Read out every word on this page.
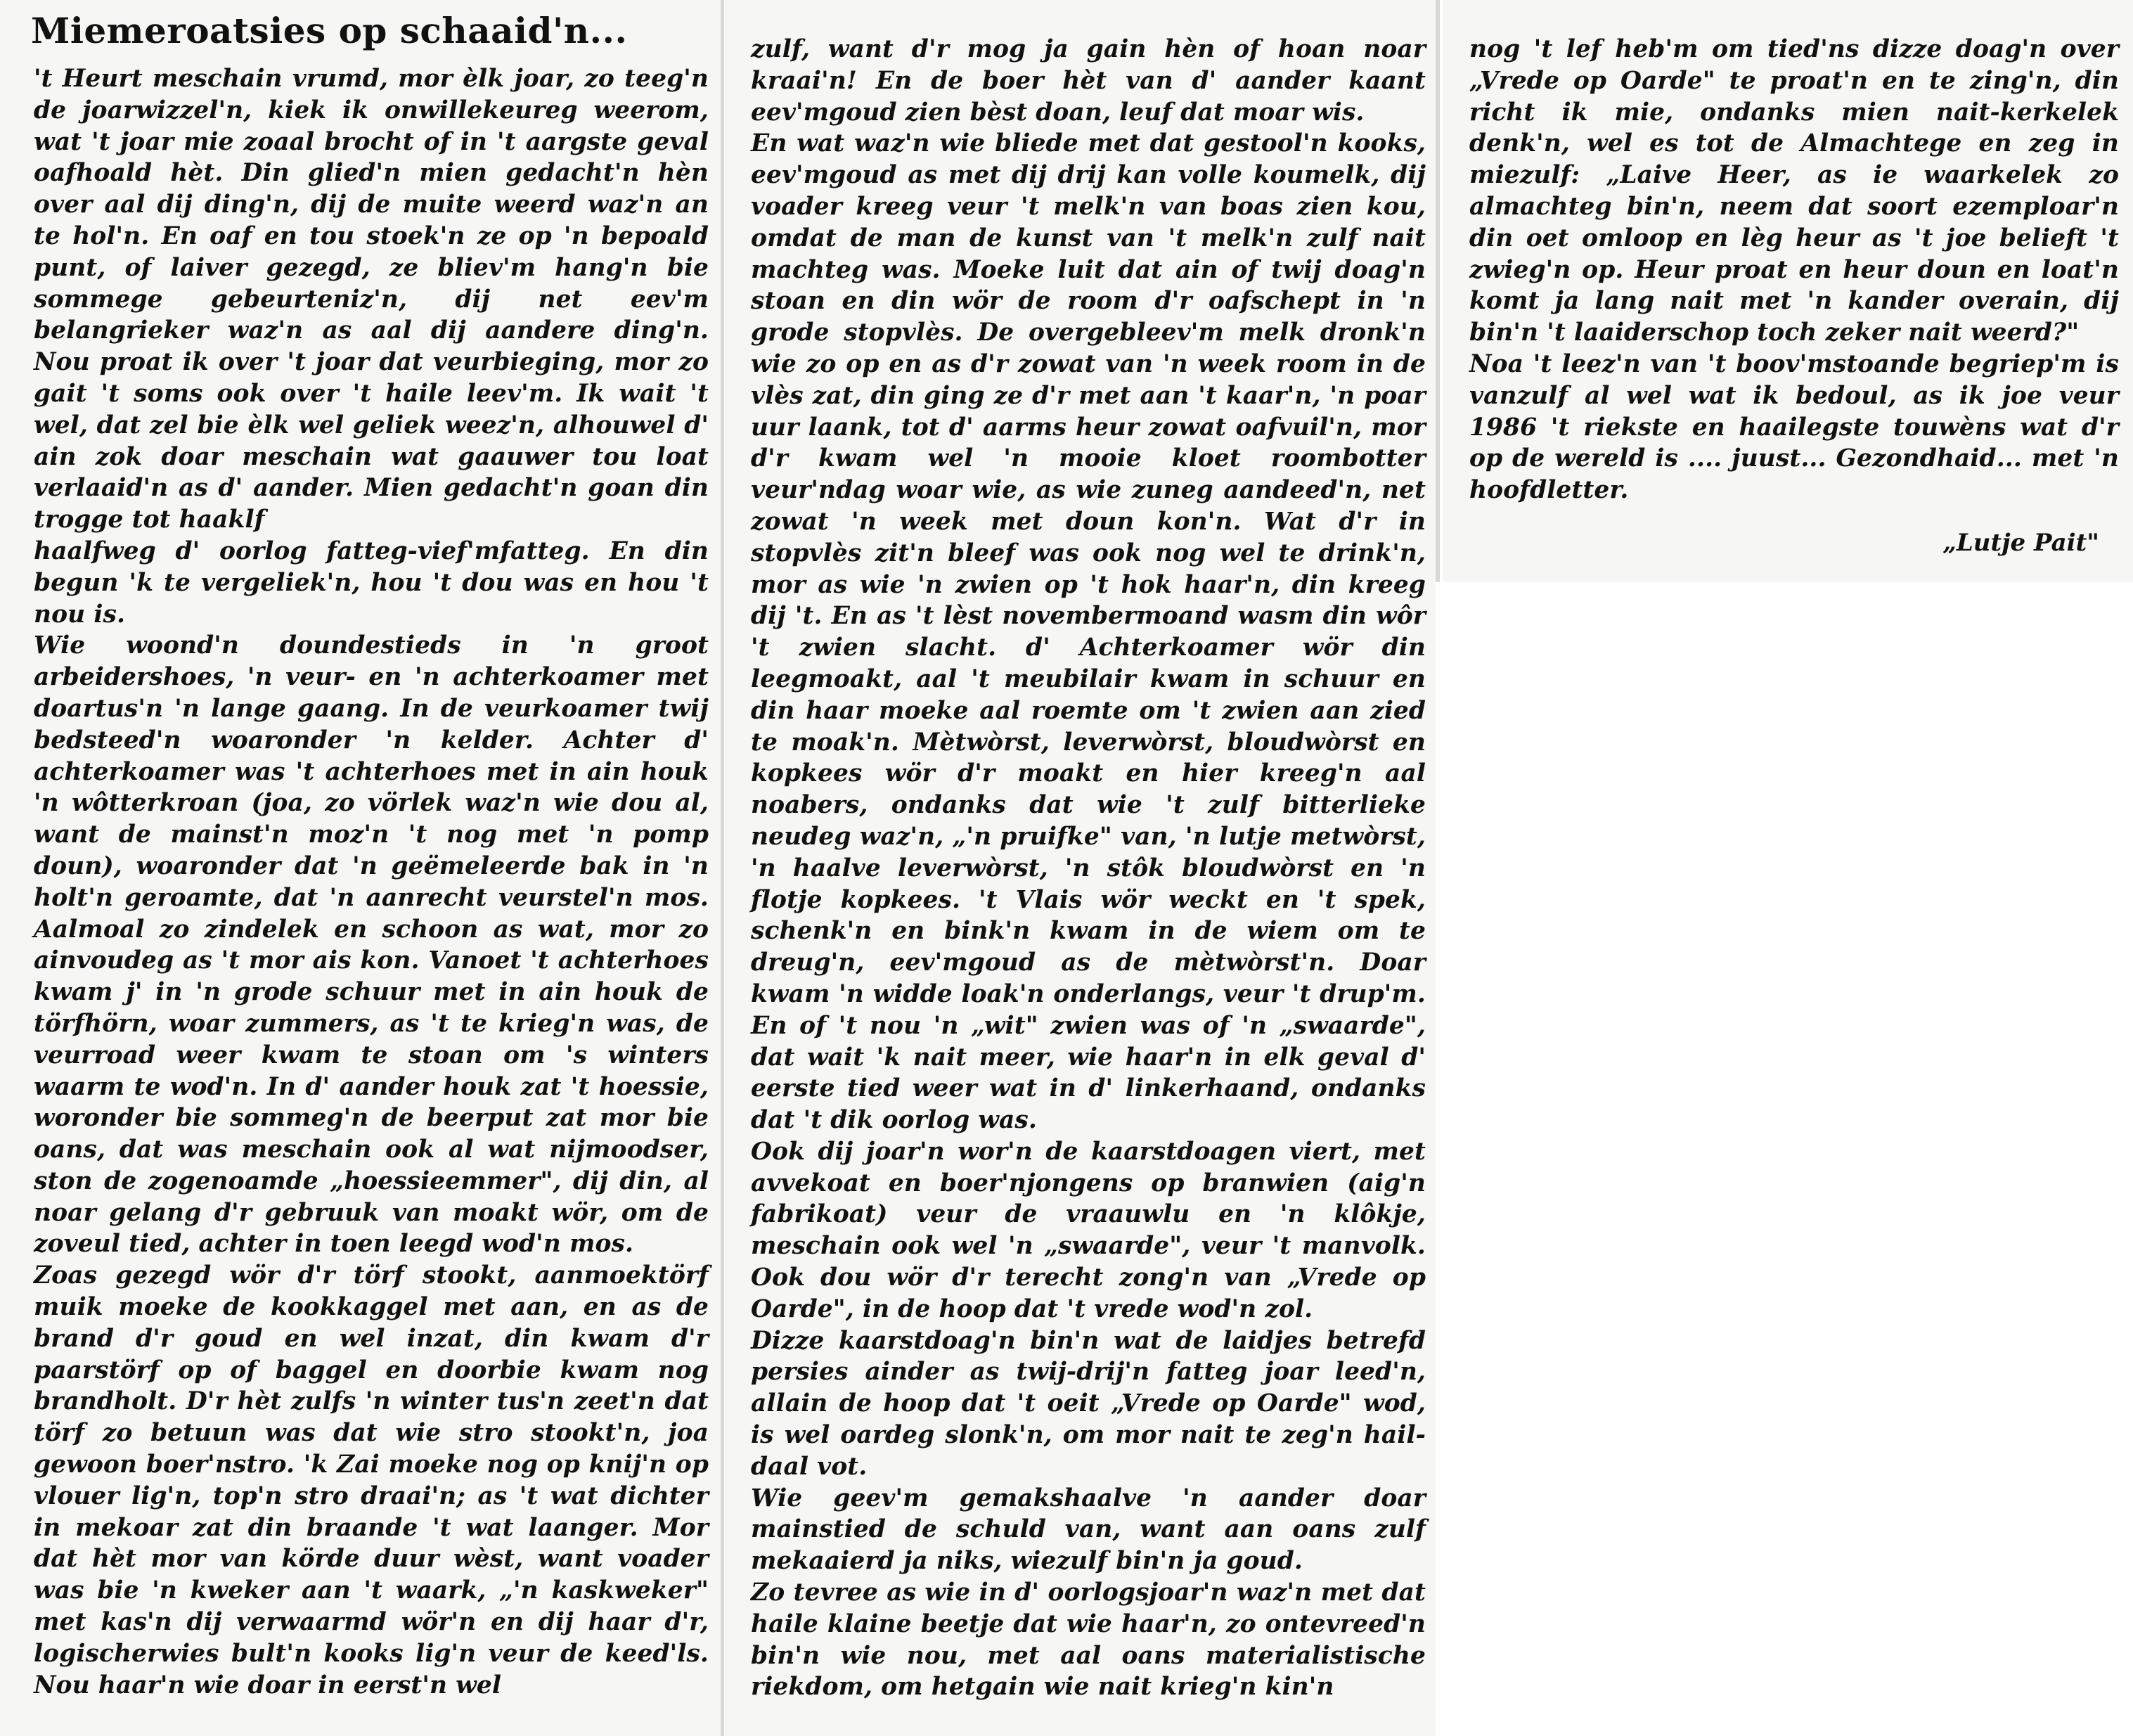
Miemeroatsies op schaaid'n...

't Heurt meschain vrumd, mor èlk joar, zo teeg'n de joarwizzel'n, kiek ik onwillekeureg weerom, wat 't joar mie zoaal brocht of in 't aargste geval oafhoald hèt. Din glied'n mien gedacht'n hèn over aal dij ding'n, dij de muite weerd waz'n an te hol'n. En oaf en tou stoek'n ze op 'n bepoald punt, of laiver gezegd, ze bliev'm hang'n bie sommege gebeurteniz'n, dij net eev'm belangrieker waz'n as aal dij aandere ding'n. Nou proat ik over 't joar dat veurbieging, mor zo gait 't soms ook over 't haile leev'm. Ik wait 't wel, dat zel bie èlk wel geliek weez'n, alhouwel d' ain zok doar meschain wat gaauwer tou loat verlaaid'n as d' aander. Mien gedacht'n goan din trogge tot haaklf

haalfweg d' oorlog fatteg-vief'mfatteg. En din begun 'k te vergeliek'n, hou 't dou was en hou 't nou is.

Wie woond'n doundestieds in 'n groot arbeidershoes, 'n veur- en 'n achterkoamer met doartus'n 'n lange gaang. In de veurkoamer twij bedsteed'n woaronder 'n kelder. Achter d' achterkoamer was 't achterhoes met in ain houk 'n wôtterkroan (joa, zo vörlek waz'n wie dou al, want de mainst'n moz'n 't nog met 'n pomp doun), woaronder dat 'n geëmeleerde bak in 'n holt'n geroamte, dat 'n aanrecht veurstel'n mos. Aalmoal zo zindelek en schoon as wat, mor zo ainvoudeg as 't mor ais kon. Vanoet 't achterhoes kwam j' in 'n grode schuur met in ain houk de törfhörn, woar zummers, as 't te krieg'n was, de veurroad weer kwam te stoan om 's winters waarm te wod'n. In d' aander houk zat 't hoessie, woronder bie sommeg'n de beerput zat mor bie oans, dat was meschain ook al wat nijmoodser, ston de zogenoamde „hoessieemmer", dij din, al noar gelang d'r gebruuk van moakt wör, om de zoveul tied, achter in toen leegd wod'n mos.

Zoas gezegd wör d'r törf stookt, aanmoektörf muik moeke de kookkaggel met aan, en as de brand d'r goud en wel inzat, din kwam d'r paarstörf op of baggel en doorbie kwam nog brandholt. D'r hèt zulfs 'n winter tus'n zeet'n dat törf zo betuun was dat wie stro stookt'n, joa gewoon boer'nstro. 'k Zai moeke nog op knij'n op vlouer lig'n, top'n stro draai'n; as 't wat dichter in mekoar zat din braande 't wat laanger. Mor dat hèt mor van körde duur wèst, want voader was bie 'n kweker aan 't waark, „'n kaskweker" met kas'n dij verwaarmd wör'n en dij haar d'r, logischerwies bult'n kooks lig'n veur de keed'ls. Nou haar'n wie doar in eerst'n wel

zulf, want d'r mog ja gain hèn of hoan noar kraai'n! En de boer hèt van d' aander kaant eev'mgoud zien bèst doan, leuf dat moar wis.

En wat waz'n wie bliede met dat gestool'n kooks, eev'mgoud as met dij drij kan volle koumelk, dij voader kreeg veur 't melk'n van boas zien kou, omdat de man de kunst van 't melk'n zulf nait machteg was. Moeke luit dat ain of twij doag'n stoan en din wör de room d'r oafschept in 'n grode stopvlès. De overgebleev'm melk dronk'n wie zo op en as d'r zowat van 'n week room in de vlès zat, din ging ze d'r met aan 't kaar'n, 'n poar uur laank, tot d' aarms heur zowat oafvuil'n, mor d'r kwam wel 'n mooie kloet roombotter veur'ndag woar wie, as wie zuneg aandeed'n, net zowat 'n week met doun kon'n. Wat d'r in stopvlès zit'n bleef was ook nog wel te drink'n, mor as wie 'n zwien op 't hok haar'n, din kreeg dij 't. En as 't lèst novembermoand wasm din wôr 't zwien slacht. d' Achterkoamer wör din leegmoakt, aal 't meubilair kwam in schuur en din haar moeke aal roemte om 't zwien aan zied te moak'n. Mètwòrst, leverwòrst, bloudwòrst en kopkees wör d'r moakt en hier kreeg'n aal noabers, ondanks dat wie 't zulf bitterlieke neudeg waz'n, „'n pruifke" van, 'n lutje metwòrst, 'n haalve leverwòrst, 'n stôk bloudwòrst en 'n flotje kopkees. 't Vlais wör weckt en 't spek, schenk'n en bink'n kwam in de wiem om te dreug'n, eev'mgoud as de mètwòrst'n. Doar kwam 'n widde loak'n onderlangs, veur 't drup'm. En of 't nou 'n „wit" zwien was of 'n „swaarde", dat wait 'k nait meer, wie haar'n in elk geval d' eerste tied weer wat in d' linkerhaand, ondanks dat 't dik oorlog was.

Ook dij joar'n wor'n de kaarstdoagen viert, met avvekoat en boer'njongens op branwien (aig'n fabrikoat) veur de vraauwlu en 'n klôkje, meschain ook wel 'n „swaarde", veur 't manvolk. Ook dou wör d'r terecht zong'n van „Vrede op Oarde", in de hoop dat 't vrede wod'n zol.

Dizze kaarstdoag'n bin'n wat de laidjes betrefd persies ainder as twij-drij'n fatteg joar leed'n, allain de hoop dat 't oeit „Vrede op Oarde" wod, is wel oardeg slonk'n, om mor nait te zeg'n hail-daal vot.

Wie geev'm gemakshaalve 'n aander doar mainstied de schuld van, want aan oans zulf mekaaierd ja niks, wiezulf bin'n ja goud.

Zo tevree as wie in d' oorlogsjoar'n waz'n met dat haile klaine beetje dat wie haar'n, zo ontevreed'n bin'n wie nou, met aal oans materialistische riekdom, om hetgain wie nait krieg'n kin'n

nog 't lef heb'm om tied'ns dizze doag'n over „Vrede op Oarde" te proat'n en te zing'n, din richt ik mie, ondanks mien nait-kerkelek denk'n, wel es tot de Almachtege en zeg in miezulf: „Laive Heer, as ie waarkelek zo almachteg bin'n, neem dat soort ezemploar'n din oet omloop en lèg heur as 't joe belieft 't zwieg'n op. Heur proat en heur doun en loat'n komt ja lang nait met 'n kander overain, dij bin'n 't laaiderschop toch zeker nait weerd?"

Noa 't leez'n van 't boov'mstoande begriep'm is vanzulf al wel wat ik bedoul, as ik joe veur 1986 't riekste en haailegste touwèns wat d'r op de wereld is .... juust... Gezondhaid... met 'n hoofdletter.

„Lutje Pait"
